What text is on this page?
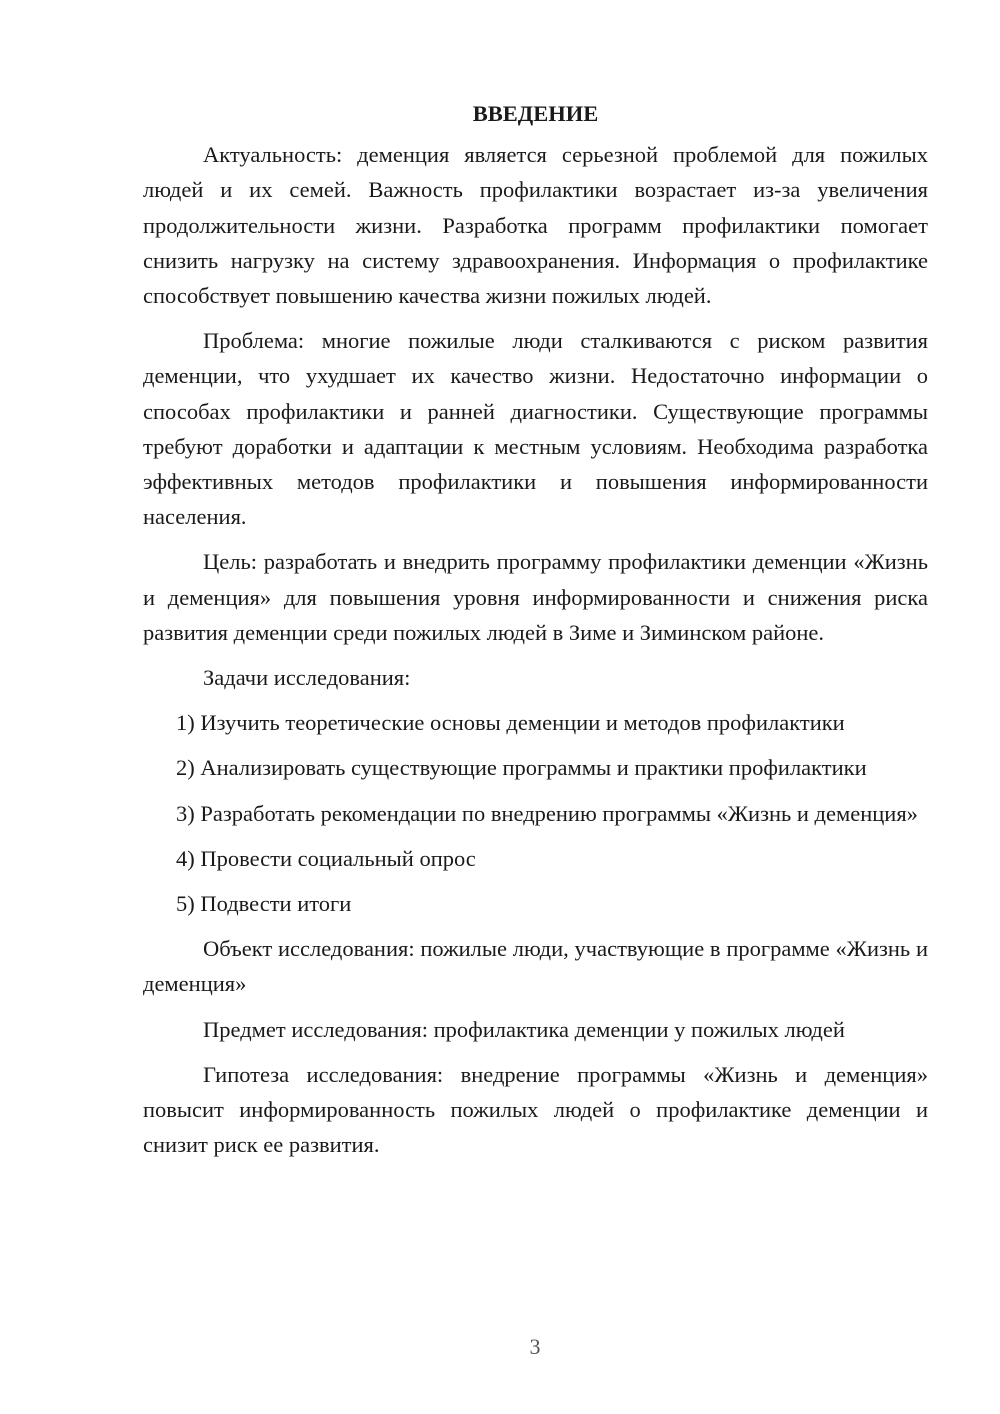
ВВЕДЕНИЕ

Актуальность: деменция является серьезной проблемой для пожилых людей и их семей. Важность профилактики возрастает из-за увеличения продолжительности жизни. Разработка программ профилактики помогает снизить нагрузку на систему здравоохранения. Информация о профилактике способствует повышению качества жизни пожилых людей.

Проблема: многие пожилые люди сталкиваются с риском развития деменции, что ухудшает их качество жизни. Недостаточно информации о способах профилактики и ранней диагностики. Существующие программы требуют доработки и адаптации к местным условиям. Необходима разработка эффективных методов профилактики и повышения информированности населения.

Цель: разработать и внедрить программу профилактики деменции «Жизнь и деменция» для повышения уровня информированности и снижения риска развития деменции среди пожилых людей в Зиме и Зиминском районе.

Задачи исследования:

1) Изучить теоретические основы деменции и методов профилактики

2) Анализировать существующие программы и практики профилактики

3) Разработать рекомендации по внедрению программы «Жизнь и деменция»

4) Провести социальный опрос

5) Подвести итоги

Объект исследования: пожилые люди, участвующие в программе «Жизнь и деменция»

Предмет исследования: профилактика деменции у пожилых людей

Гипотеза исследования: внедрение программы «Жизнь и деменция» повысит информированность пожилых людей о профилактике деменции и снизит риск ее развития.

3
